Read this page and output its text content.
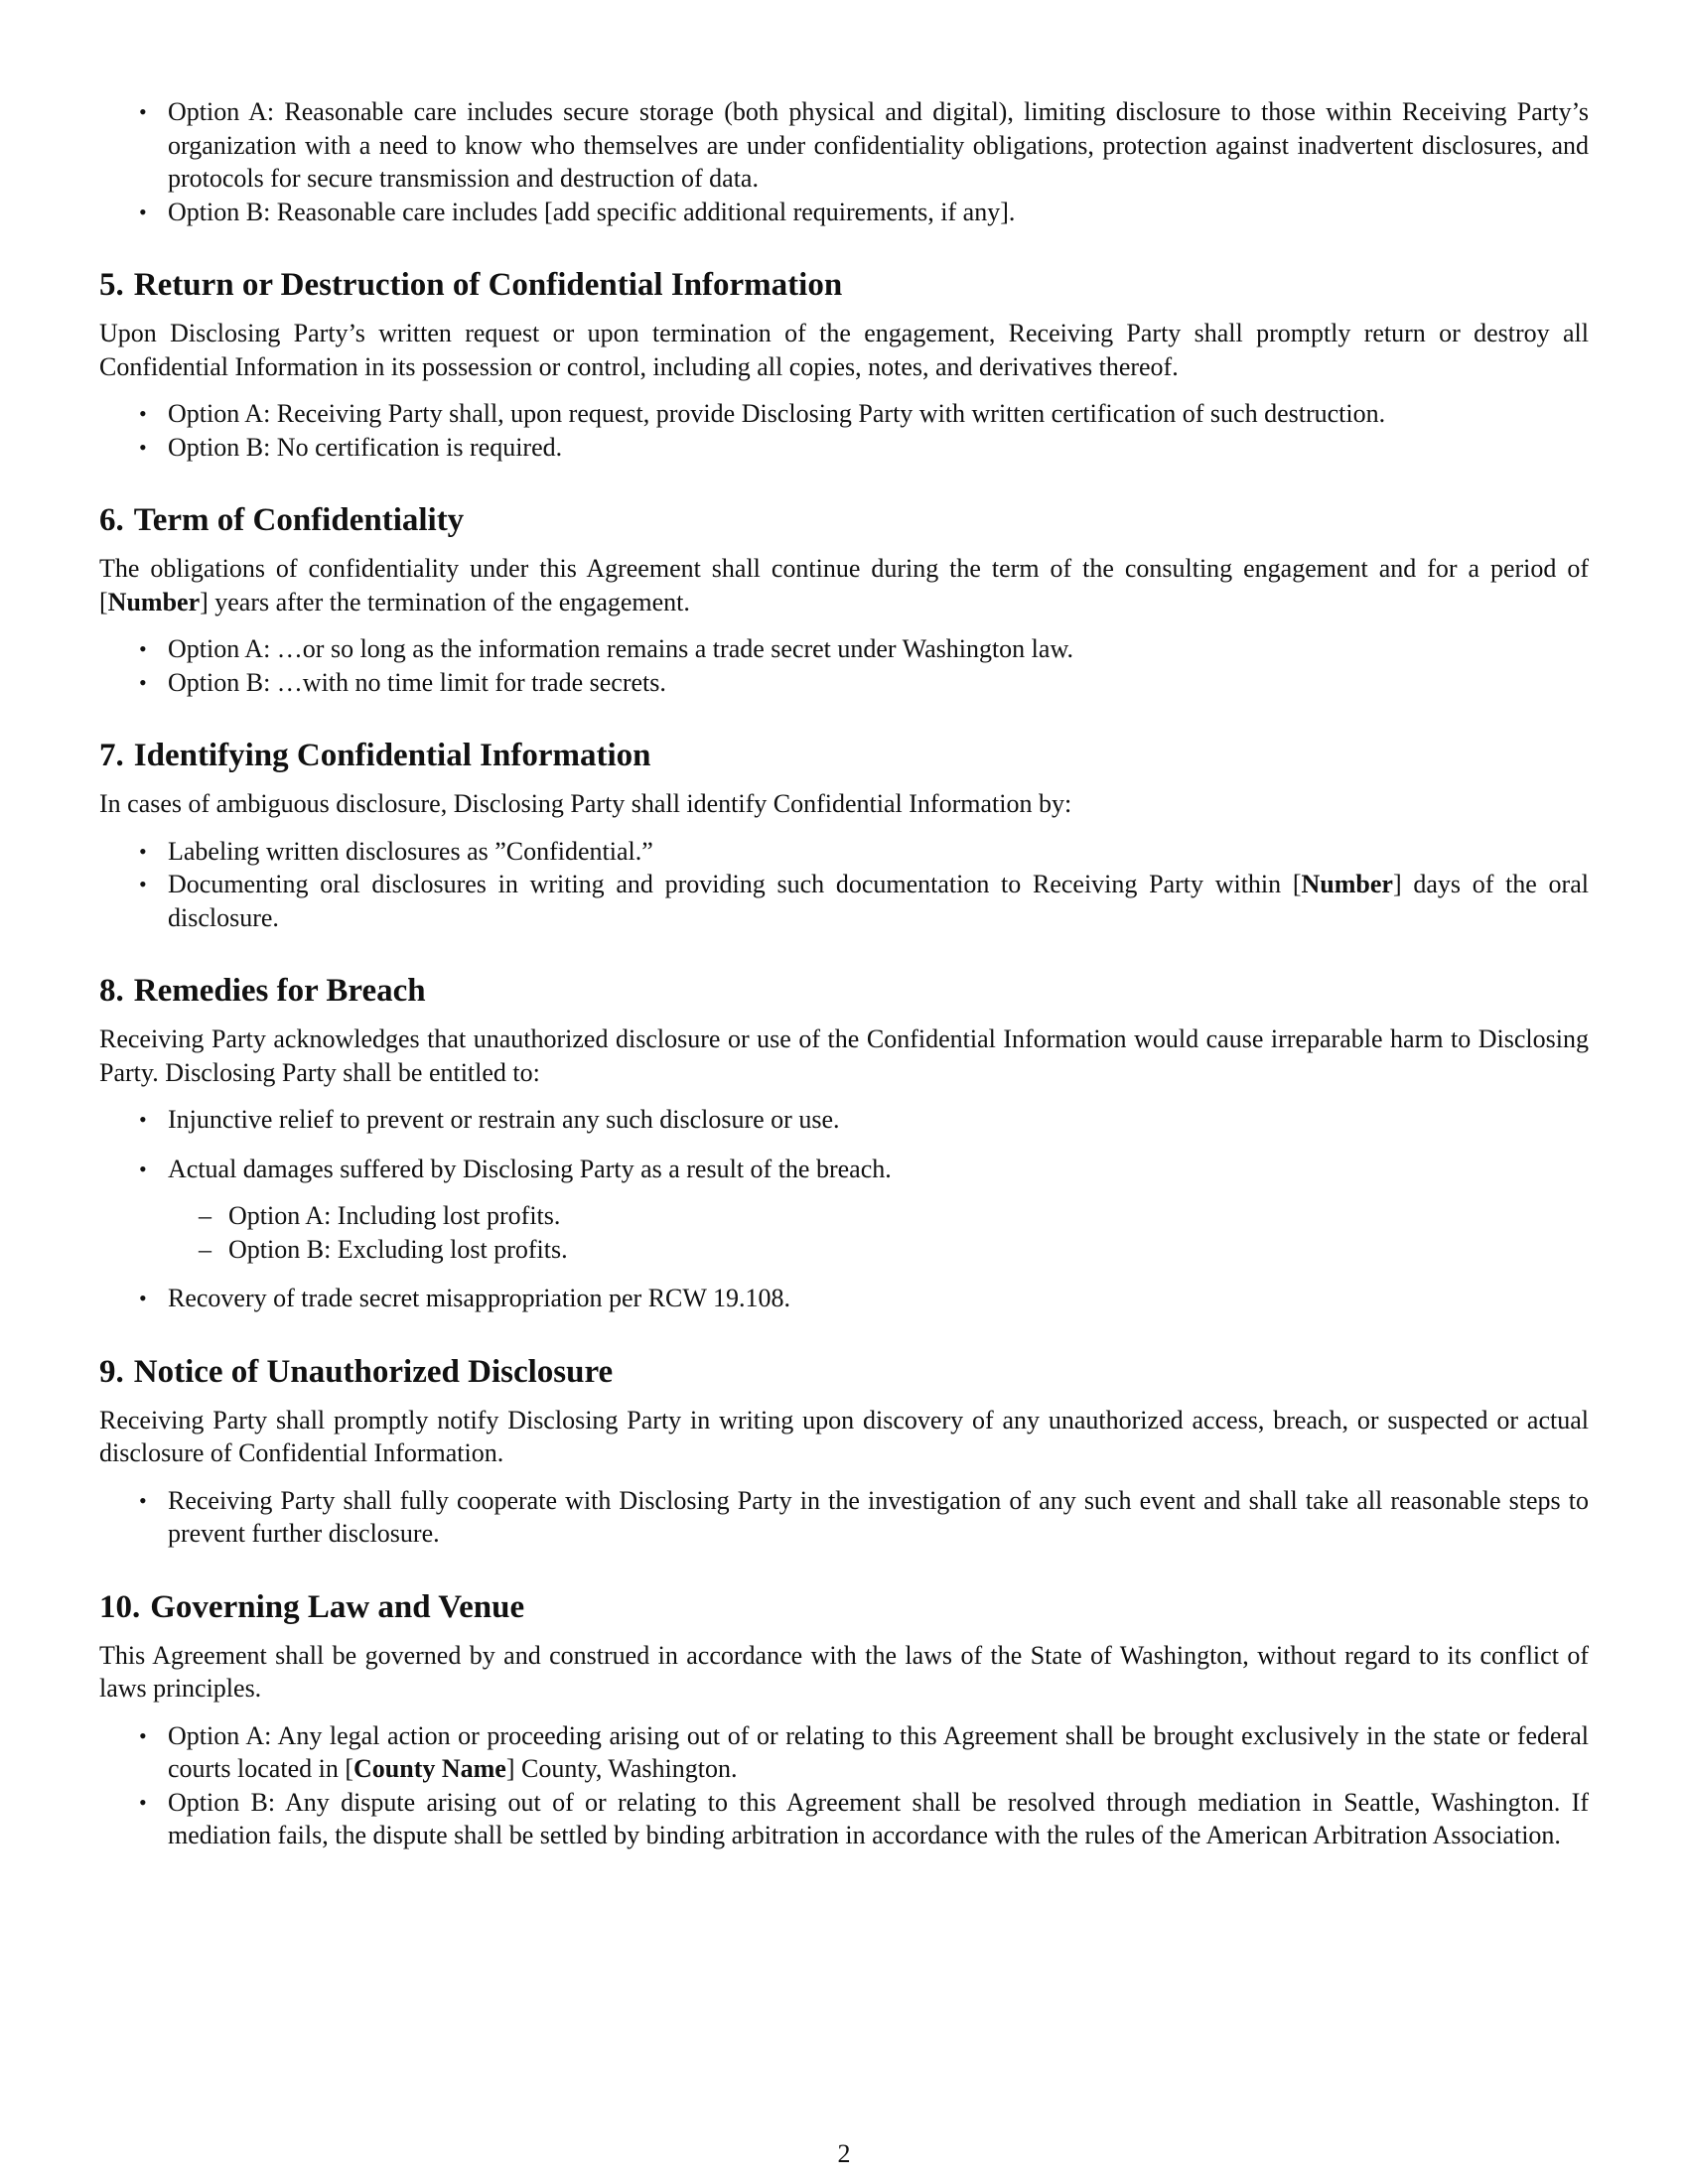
• Option A: Reasonable care includes secure storage (both physical and digital), limiting disclosure to those within Receiving Party’s organization with a need to know who themselves are under confidentiality obligations, protection against inadvertent disclosures, and protocols for secure transmission and destruction of data.
• Option B: Reasonable care includes [add specific additional requirements, if any].
5. Return or Destruction of Confidential Information

Upon Disclosing Party’s written request or upon termination of the engagement, Receiving Party shall promptly return or destroy all Confidential Information in its possession or control, including all copies, notes, and derivatives thereof.

• Option A: Receiving Party shall, upon request, provide Disclosing Party with written certification of such destruction.
• Option B: No certification is required.
6. Term of Confidentiality

The obligations of confidentiality under this Agreement shall continue during the term of the consulting engagement and for a period of [Number] years after the termination of the engagement.

• Option A: …or so long as the information remains a trade secret under Washington law.
• Option B: …with no time limit for trade secrets.
7. Identifying Confidential Information

In cases of ambiguous disclosure, Disclosing Party shall identify Confidential Information by:

• Labeling written disclosures as ”Confidential.”
• Documenting oral disclosures in writing and providing such documentation to Receiving Party within [Number] days of the oral disclosure.
8. Remedies for Breach

Receiving Party acknowledges that unauthorized disclosure or use of the Confidential Information would cause irreparable harm to Disclosing Party. Disclosing Party shall be entitled to:

• Injunctive relief to prevent or restrain any such disclosure or use.
• Actual damages suffered by Disclosing Party as a result of the breach.
– Option A: Including lost profits.
– Option B: Excluding lost profits.
• Recovery of trade secret misappropriation per RCW 19.108.
9. Notice of Unauthorized Disclosure

Receiving Party shall promptly notify Disclosing Party in writing upon discovery of any unauthorized access, breach, or suspected or actual disclosure of Confidential Information.

• Receiving Party shall fully cooperate with Disclosing Party in the investigation of any such event and shall take all reasonable steps to prevent further disclosure.
10. Governing Law and Venue

This Agreement shall be governed by and construed in accordance with the laws of the State of Washington, without regard to its conflict of laws principles.

• Option A: Any legal action or proceeding arising out of or relating to this Agreement shall be brought exclusively in the state or federal courts located in [County Name] County, Washington.
• Option B: Any dispute arising out of or relating to this Agreement shall be resolved through mediation in Seattle, Washington. If mediation fails, the dispute shall be settled by binding arbitration in accordance with the rules of the American Arbitration Association.
2
